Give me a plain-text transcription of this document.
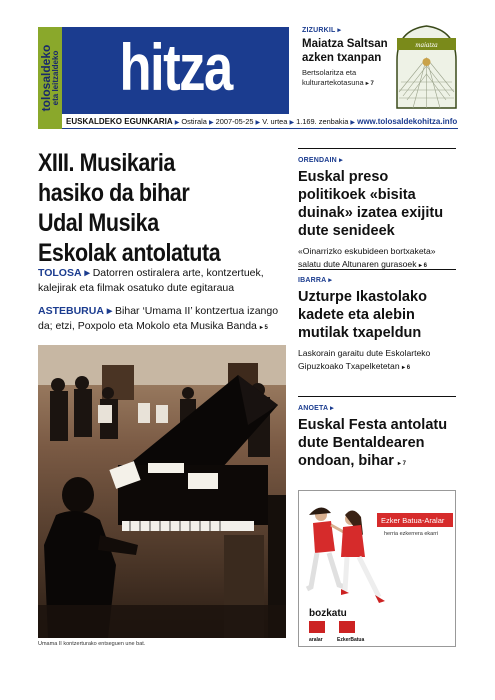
tolosaldeko
eta leitzaldeko hitza
EUSKALDEKO EGUNKARIA ▶ Ostirala ▶ 2007-05-25 ▶ V. urtea ▶ 1.169. zenbakia ▶ www.tolosaldekohitza.info
ZIZURKIL ▸
Maiatza Saltsan azken txanpan
Bertsolaritza eta kulturartekotasuna ▸ 7
maiatza
XIII. Musikaria
hasiko da bihar
Udal Musika
Eskolak antolatuta
TOLOSA ▸ Datorren ostiralera arte, kontzertuek, kalejirak eta filmak osatuko dute egitaraua
ASTEBURUA ▸ Bihar ‘Umama II’ kontzertua izango da; etzi, Poxpolo eta Mokolo eta Musika Banda ▸ 5
Umama II kontzerturako entseguen une bat.
ORENDAIN ▸
Euskal preso politikoek «bisita duinak» izatea exijitu dute senideek
«Oinarrizko eskubideen bortxaketa» salatu dute Altunaren gurasoek ▸ 6
IBARRA ▸
Uzturpe Ikastolako kadete eta alebin mutilak txapeldun
Laskorain garaitu dute Eskolarteko Gipuzkoako Txapelketetan ▸ 6
ANOETA ▸
Euskal Festa antolatu dute Bentaldearen ondoan, bihar ▸ 7
Ezker Batua-Aralar
herria ezkerrera ekarri
bozkatu
aralar	EzkerBatua
